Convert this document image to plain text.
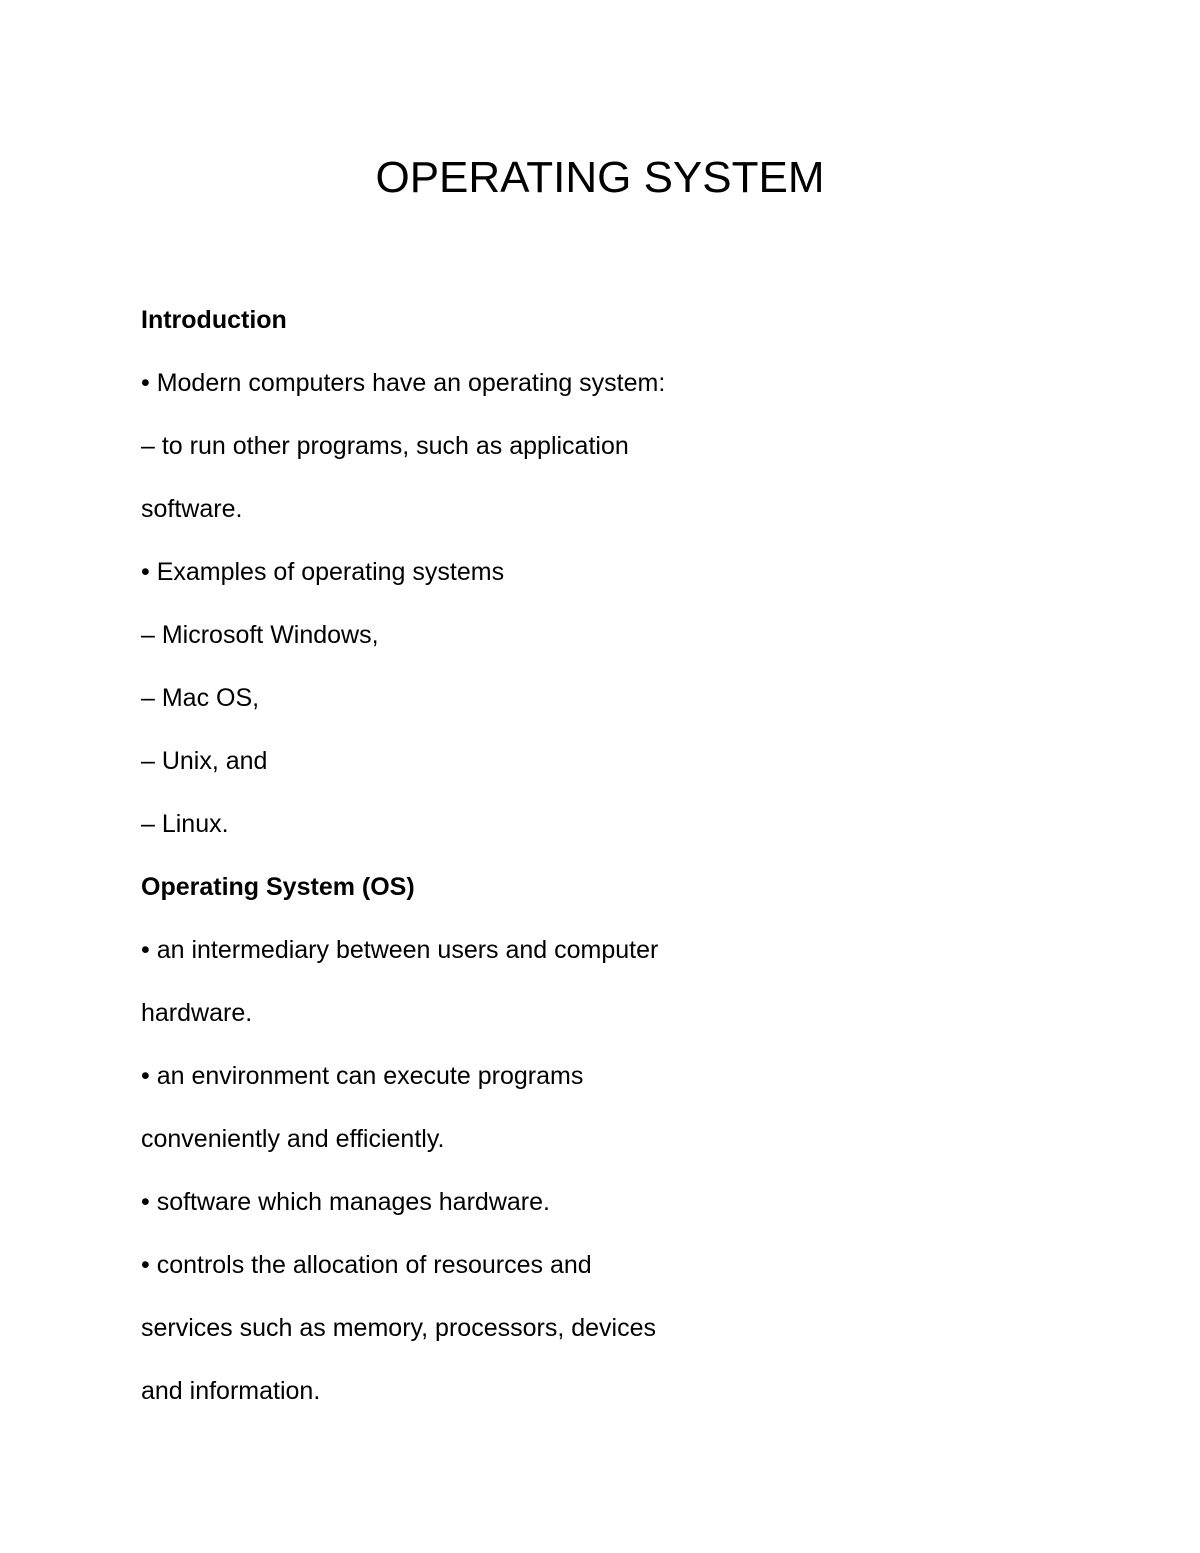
OPERATING SYSTEM
Introduction

• Modern computers have an operating system:

– to run other programs, such as application

software.

• Examples of operating systems

– Microsoft Windows,

– Mac OS,

– Unix, and

– Linux.

Operating System (OS)

• an intermediary between users and computer

hardware.

• an environment can execute programs

conveniently and efficiently.

• software which manages hardware.

• controls the allocation of resources and

services such as memory, processors, devices

and information.
